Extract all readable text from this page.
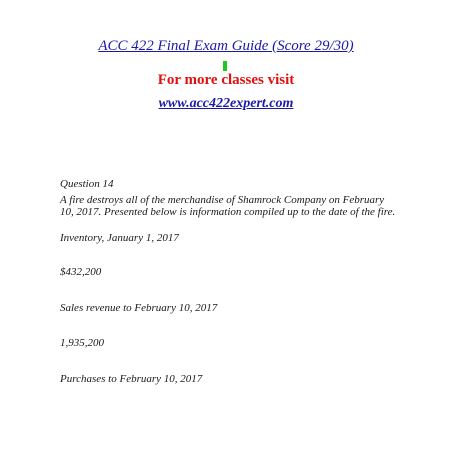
ACC 422 Final Exam Guide (Score 29/30)
For more classes visit
www.acc422expert.com
Question 14
A fire destroys all of the merchandise of Shamrock Company on February 10, 2017. Presented below is information compiled up to the date of the fire.
Inventory, January 1, 2017
$432,200
Sales revenue to February 10, 2017
1,935,200
Purchases to February 10, 2017
